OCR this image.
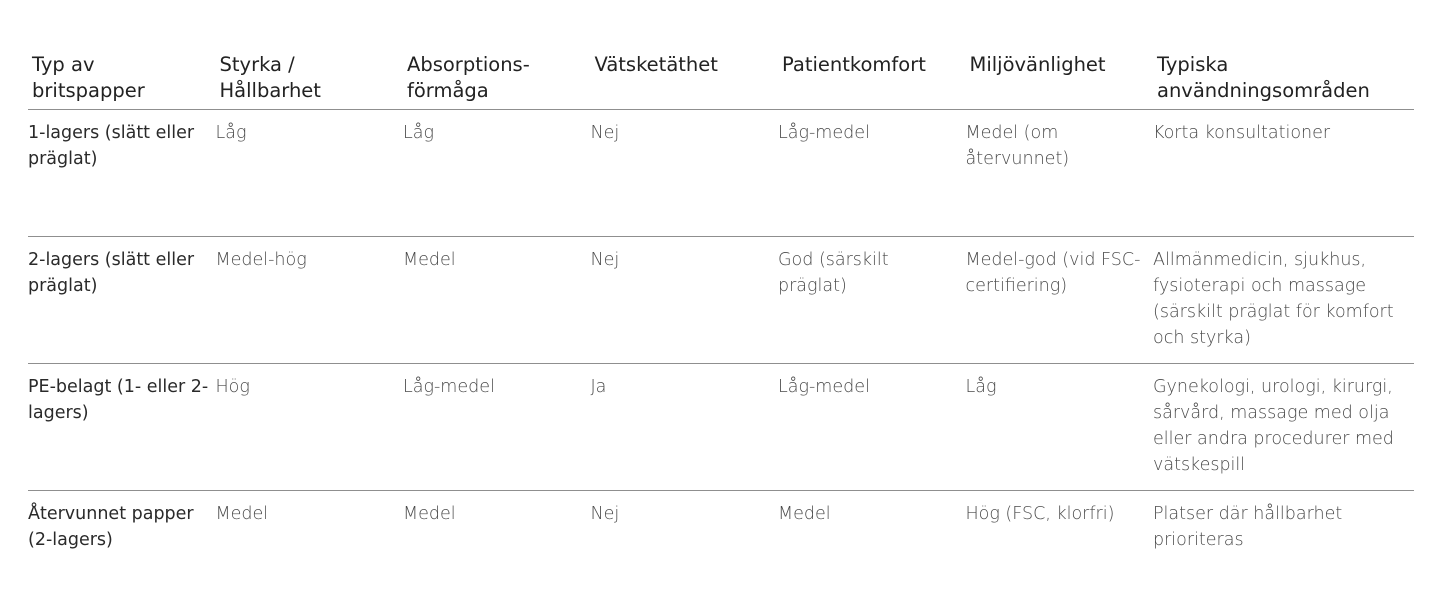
Typ av britspapper	Styrka / Hållbarhet	Absorptions-förmåga	Vätsketäthet	Patientkomfort	Miljövänlighet	Typiska användningsområden
1-lagers (slätt eller präglat)	Låg	Låg	Nej	Låg-medel	Medel (om återvunnet)	Korta konsultationer
2-lagers (slätt eller präglat)	Medel-hög	Medel	Nej	God (särskilt präglat)	Medel-god (vid FSC-certifiering)	Allmänmedicin, sjukhus, fysioterapi och massage (särskilt präglat för komfort och styrka)
PE-belagt (1- eller 2-lagers)	Hög	Låg-medel	Ja	Låg-medel	Låg	Gynekologi, urologi, kirurgi, sårvård, massage med olja eller andra procedurer med vätskespill
Återvunnet papper (2-lagers)	Medel	Medel	Nej	Medel	Hög (FSC, klorfri)	Platser där hållbarhet prioriteras
